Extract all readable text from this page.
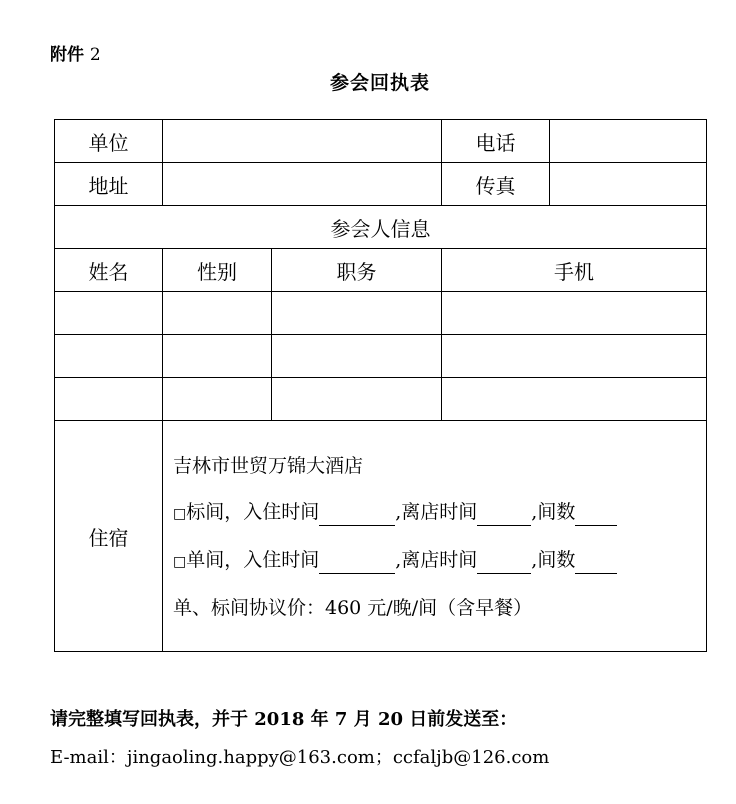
附件 2
参会回执表
单位			电话	
地址			传真	
参会人信息				
姓名	性别	职务	手机	

住宿	吉林市世贸万锦大酒店
□标间，入住时间 ,离店时间 ,间数
□单间，入住时间 ,离店时间 ,间数
单、标间协议价：460 元/晚/间（含早餐）			
请完整填写回执表，并于 2018 年 7 月 20 日前发送至：
E-mail：jingaoling.happy@163.com；ccfaljb@126.com
